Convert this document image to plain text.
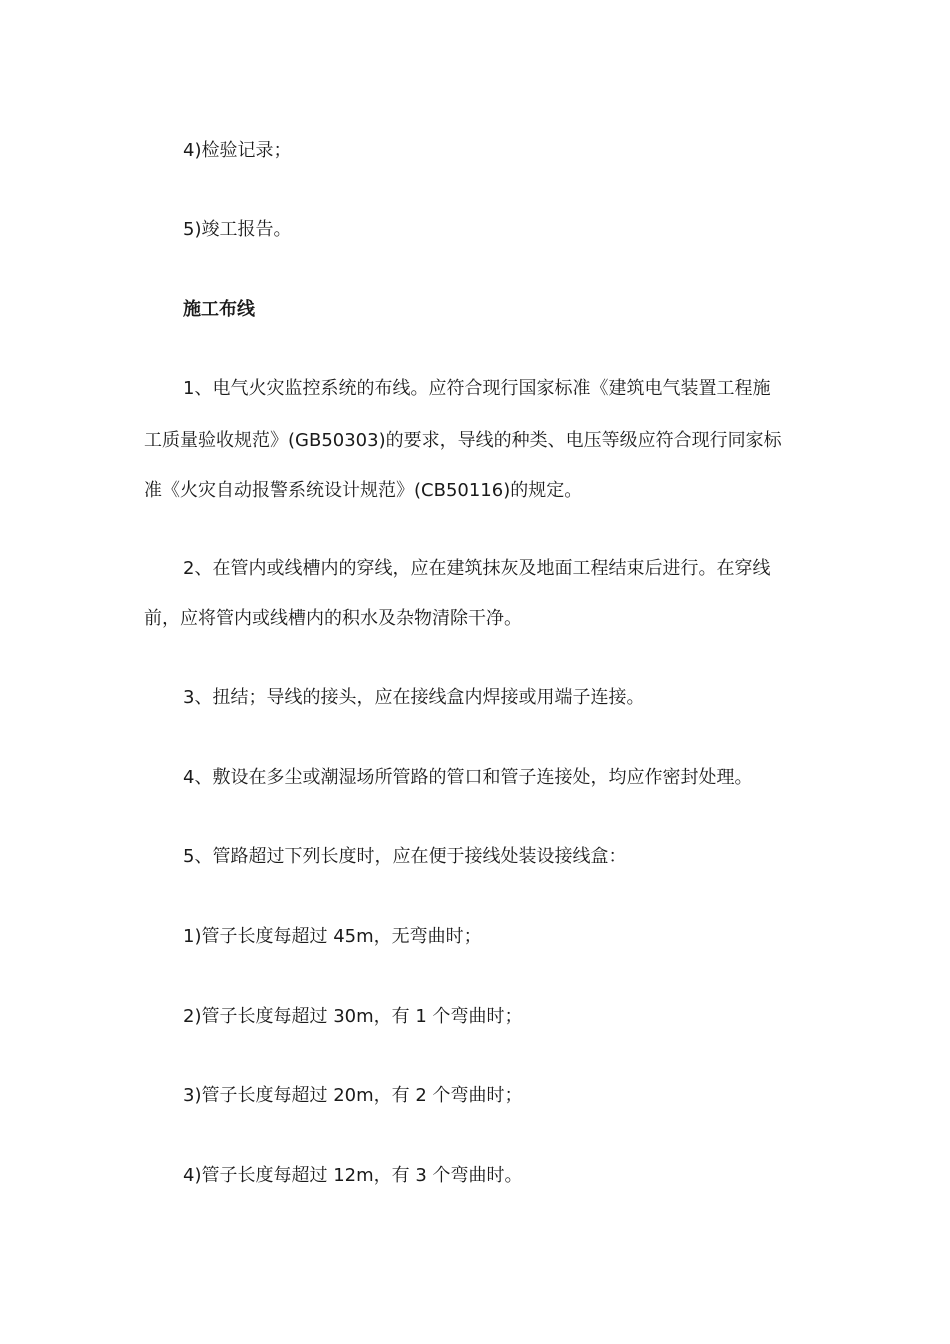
4)检验记录；
5)竣工报告。
施工布线
1、电气火灾监控系统的布线。应符合现行国家标准《建筑电气装置工程施
工质量验收规范》(GB50303)的要求，导线的种类、电压等级应符合现行同家标
准《火灾自动报警系统设计规范》(CB50116)的规定。
2、在管内或线槽内的穿线，应在建筑抹灰及地面工程结束后进行。在穿线
前，应将管内或线槽内的积水及杂物清除干净。
3、扭结；导线的接头，应在接线盒内焊接或用端子连接。
4、敷设在多尘或潮湿场所管路的管口和管子连接处，均应作密封处理。
5、管路超过下列长度时，应在便于接线处装设接线盒：
1)管子长度每超过 45m，无弯曲时；
2)管子长度每超过 30m，有 1 个弯曲时；
3)管子长度每超过 20m，有 2 个弯曲时；
4)管子长度每超过 12m，有 3 个弯曲时。
